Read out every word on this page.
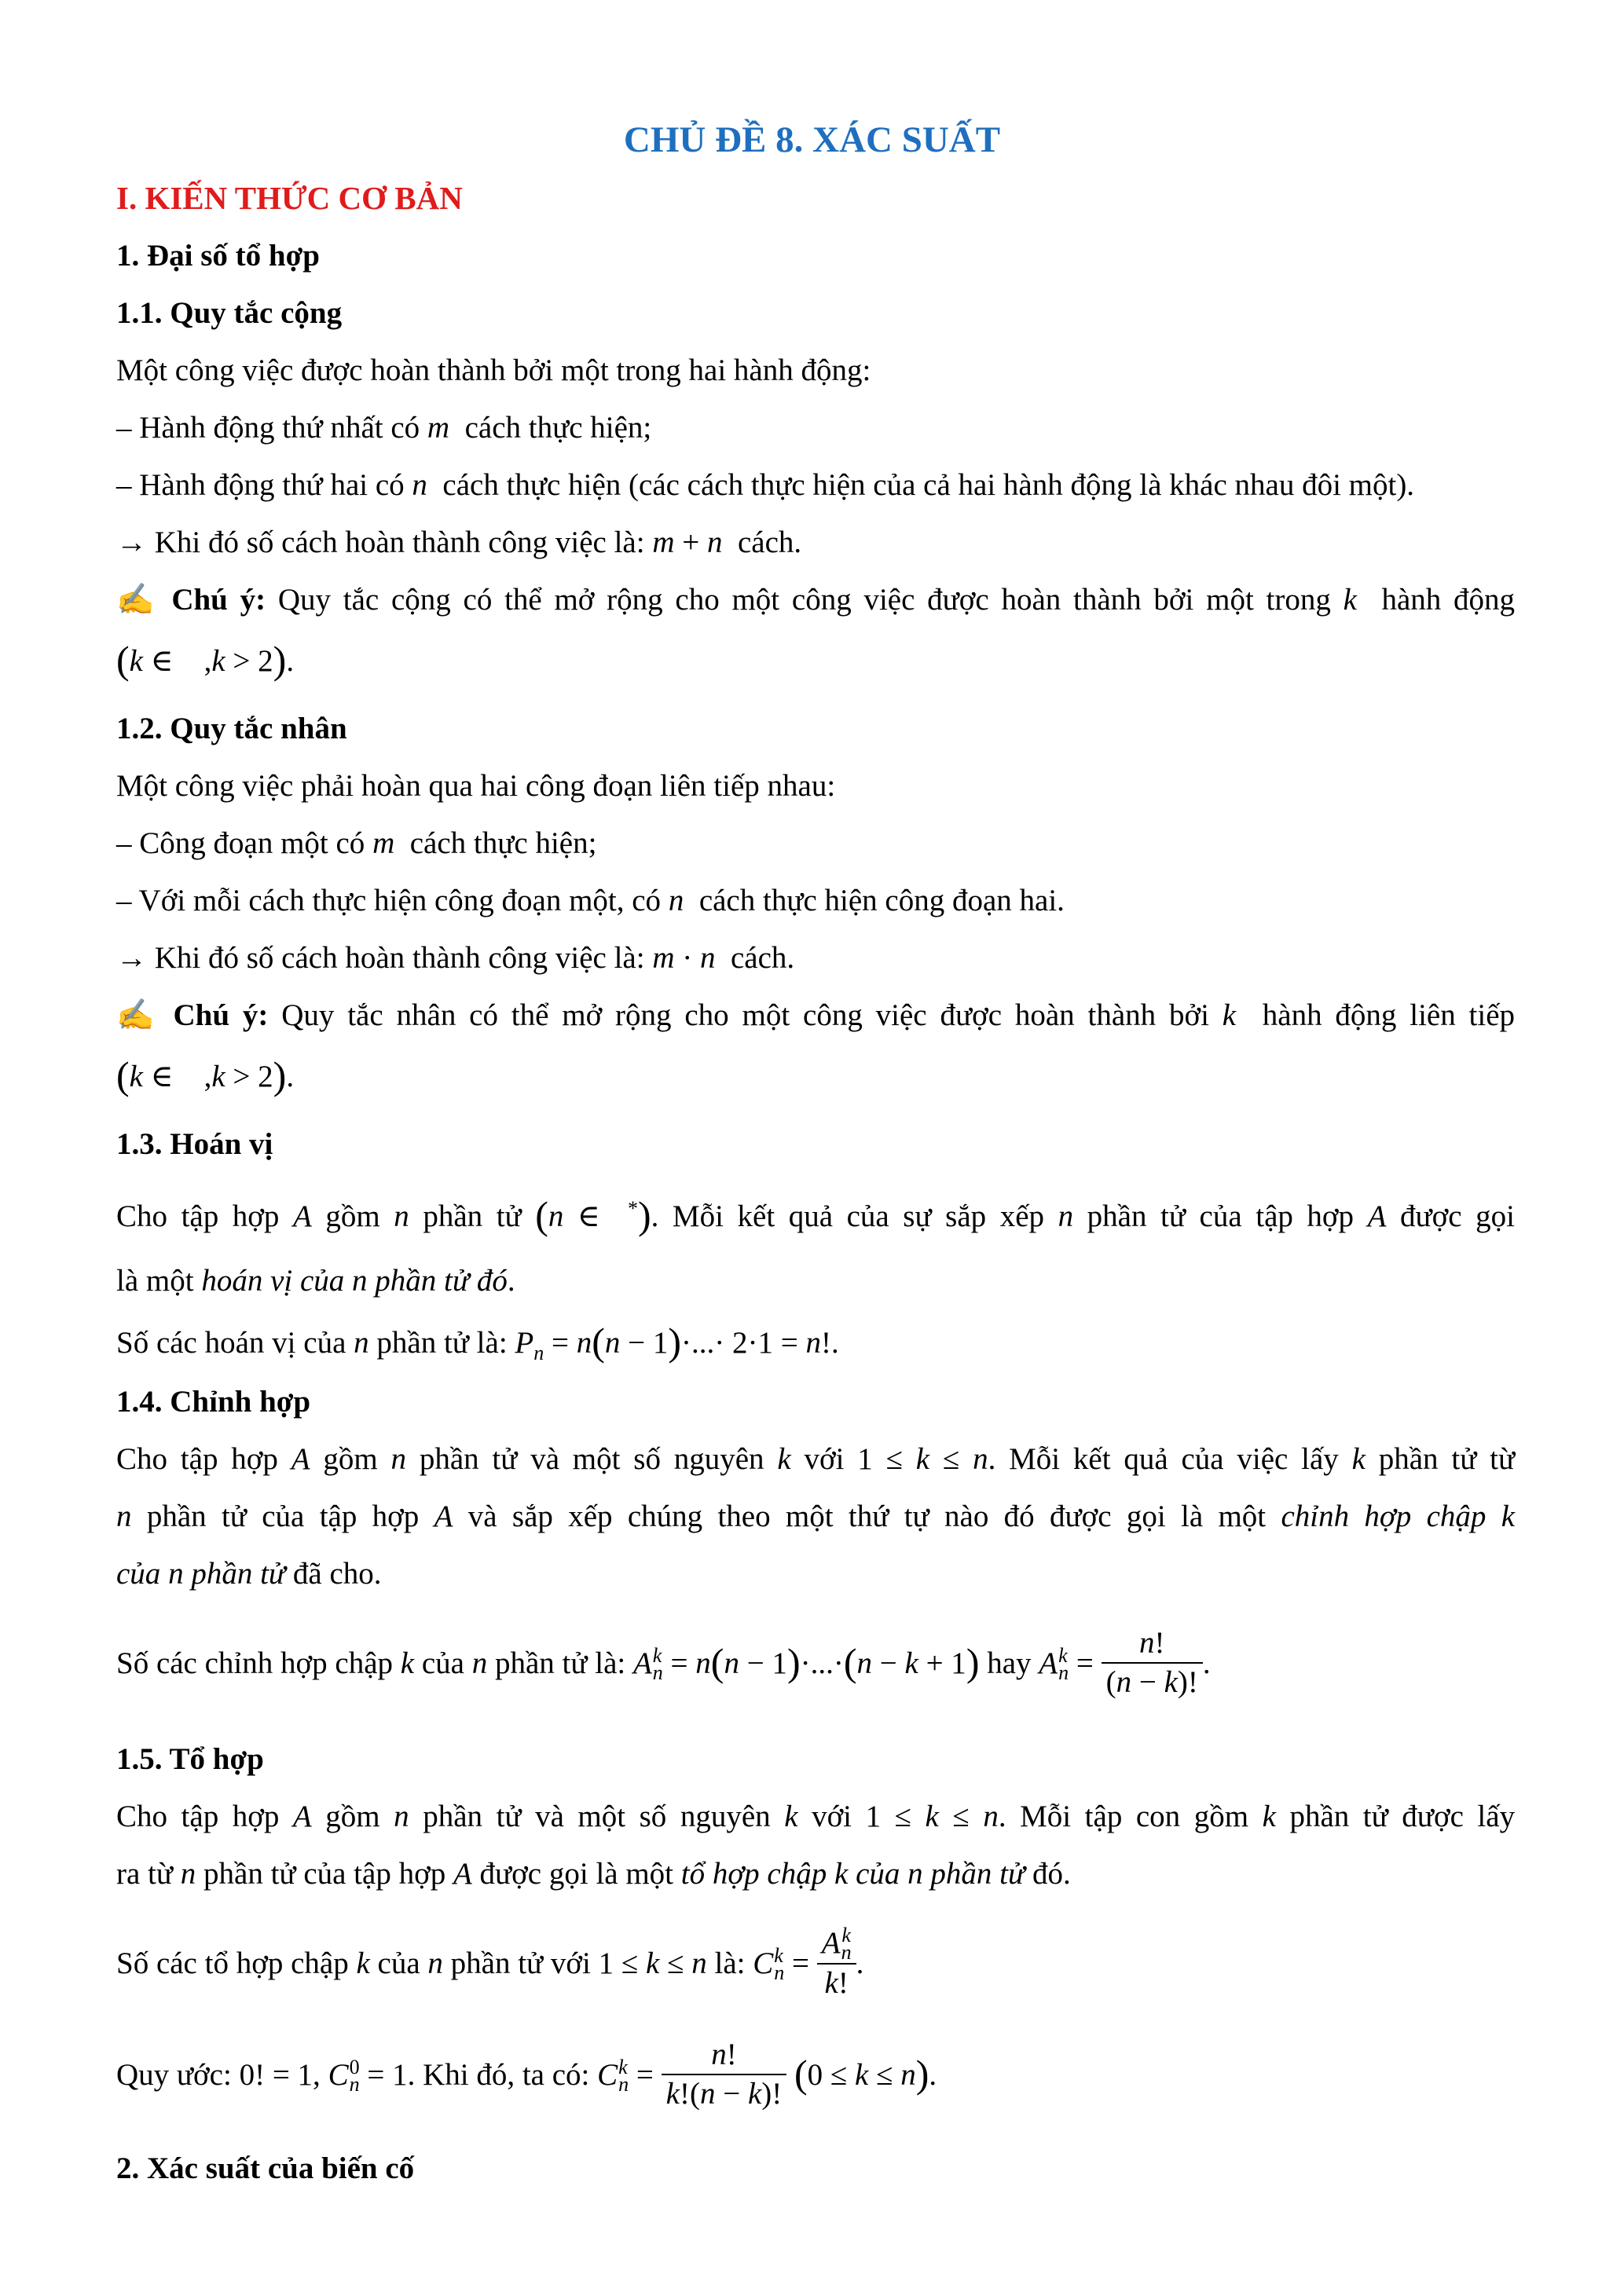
CHỦ ĐỀ 8. XÁC SUẤT
I. KIẾN THỨC CƠ BẢN
1. Đại số tổ hợp
1.1. Quy tắc cộng
Một công việc được hoàn thành bởi một trong hai hành động:
– Hành động thứ nhất có m cách thực hiện;
– Hành động thứ hai có n cách thực hiện (các cách thực hiện của cả hai hành động là khác nhau đôi một).
→ Khi đó số cách hoàn thành công việc là: m + n cách.
✍ Chú ý: Quy tắc cộng có thể mở rộng cho một công việc được hoàn thành bởi một trong k hành động
(k ∈    ,k > 2).
1.2. Quy tắc nhân
Một công việc phải hoàn qua hai công đoạn liên tiếp nhau:
– Công đoạn một có m cách thực hiện;
– Với mỗi cách thực hiện công đoạn một, có n cách thực hiện công đoạn hai.
→ Khi đó số cách hoàn thành công việc là: m · n cách.
✍ Chú ý: Quy tắc nhân có thể mở rộng cho một công việc được hoàn thành bởi k hành động liên tiếp
(k ∈    ,k > 2).
1.3. Hoán vị
Cho tập hợp A gồm n phần tử (n ∈  *). Mỗi kết quả của sự sắp xếp n phần tử của tập hợp A được gọi
là một hoán vị của n phần tử đó.
Số các hoán vị của n phần tử là: $P_n = n(n - 1)\cdot...\cdot 2\cdot 1 = n$!.
1.4. Chỉnh hợp
Cho tập hợp A gồm n phần tử và một số nguyên k với 1 ≤ k ≤ n. Mỗi kết quả của việc lấy k phần tử từ
n phần tử của tập hợp A và sắp xếp chúng theo một thứ tự nào đó được gọi là một chỉnh hợp chập k
của n phần tử đã cho.
Số các chỉnh hợp chập k của n phần tử là: A k
n = n(n − 1)·...·(n − k + 1) hay A k
$n = \frac{n!}{(n - k)!}$ .
1.5. Tổ hợp
Cho tập hợp A gồm n phần tử và một số nguyên k với 1 ≤ k ≤ n. Mỗi tập con gồm k phần tử được lấy
ra từ n phần tử của tập hợp A được gọi là một tổ hợp chập k của n phần tử đó.
Số các tổ hợp chập k của n phần tử với 1 ≤ k ≤ n là: C k
n = A k
n
k! .
Quy ước: 0! = 1, C 0
n = 1. Khi đó, ta có: C k
$n = \frac{n!}{k!(n - k)!} (0 \le k \le n)$.
2. Xác suất của biến cố
